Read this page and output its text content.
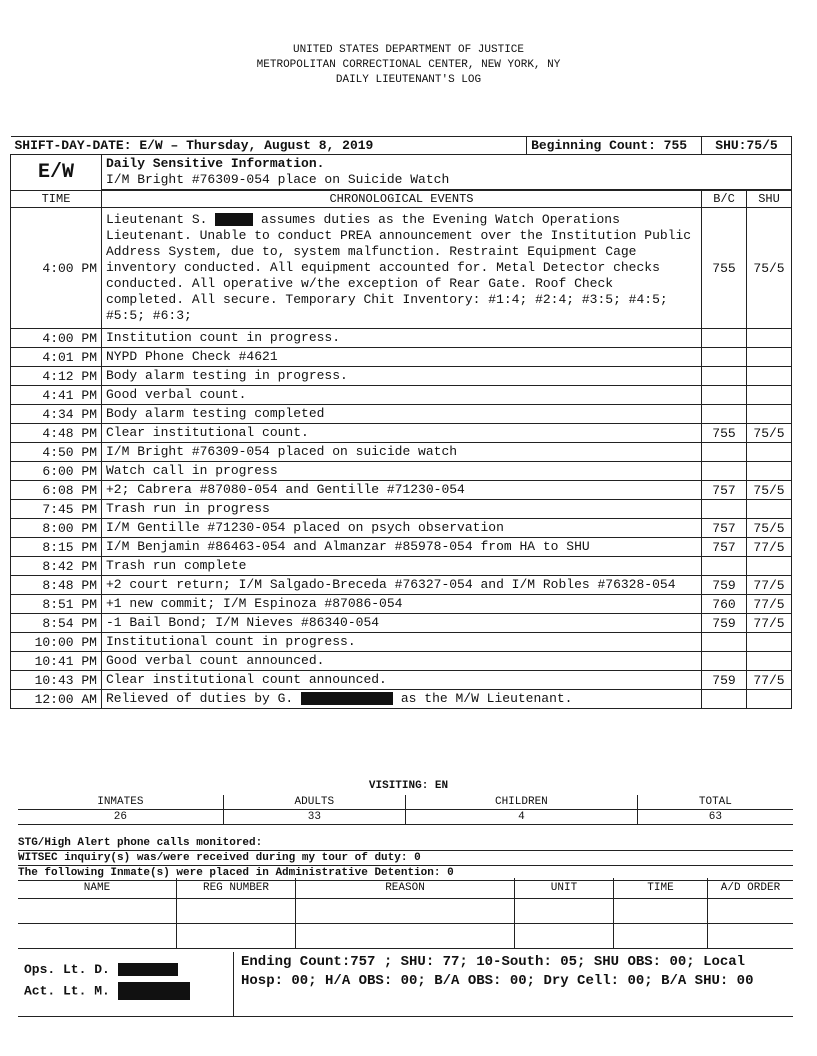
UNITED STATES DEPARTMENT OF JUSTICE
METROPOLITAN CORRECTIONAL CENTER, NEW YORK, NY
DAILY LIEUTENANT'S LOG
SHIFT-DAY-DATE: E/W – Thursday, August 8, 2019		Beginning Count: 755	SHU:75/5	
E/W	Daily Sensitive Information.
I/M Bright #76309-054 place on Suicide Watch			

TIME	CHRONOLOGICAL EVENTS		B/C	SHU
4:00 PM	Lieutenant S. assumes duties as the Evening Watch Operations Lieutenant. Unable to conduct PREA announcement over the Institution Public Address System, due to, system malfunction. Restraint Equipment Cage inventory conducted. All equipment accounted for. Metal Detector checks conducted. All operative w/the exception of Rear Gate. Roof Check completed. All secure. Temporary Chit Inventory: #1:4; #2:4; #3:5; #4:5; #5:5; #6:3;		755	75/5
4:00 PM	Institution count in progress.			
4:01 PM	NYPD Phone Check #4621			
4:12 PM	Body alarm testing in progress.			
4:41 PM	Good verbal count.			
4:34 PM	Body alarm testing completed			
4:48 PM	Clear institutional count.		755	75/5
4:50 PM	I/M Bright #76309-054 placed on suicide watch			
6:00 PM	Watch call in progress			
6:08 PM	+2; Cabrera #87080-054 and Gentille #71230-054		757	75/5
7:45 PM	Trash run in progress			
8:00 PM	I/M Gentille #71230-054 placed on psych observation		757	75/5
8:15 PM	I/M Benjamin #86463-054 and Almanzar #85978-054 from HA to SHU		757	77/5
8:42 PM	Trash run complete			
8:48 PM	+2 court return; I/M Salgado-Breceda #76327-054 and I/M Robles #76328-054		759	77/5
8:51 PM	+1 new commit; I/M Espinoza #87086-054		760	77/5
8:54 PM	-1 Bail Bond; I/M Nieves #86340-054		759	77/5
10:00 PM	Institutional count in progress.			
10:41 PM	Good verbal count announced.			
10:43 PM	Clear institutional count announced.		759	77/5
12:00 AM	Relieved of duties by G. as the M/W Lieutenant.			
VISITING: EN
INMATES	ADULTS	CHILDREN	TOTAL
26	33	4	63
STG/High Alert phone calls monitored:
WITSEC inquiry(s) was/were received during my tour of duty: 0
The following Inmate(s) were placed in Administrative Detention: 0
NAME	REG NUMBER	REASON	UNIT	TIME	A/D ORDER

Ops. Lt. D.
Act. Lt. M.
Ending Count:757 ; SHU: 77; 10-South: 05; SHU OBS: 00; Local Hosp: 00; H/A OBS: 00; B/A OBS: 00; Dry Cell: 00; B/A SHU: 00
